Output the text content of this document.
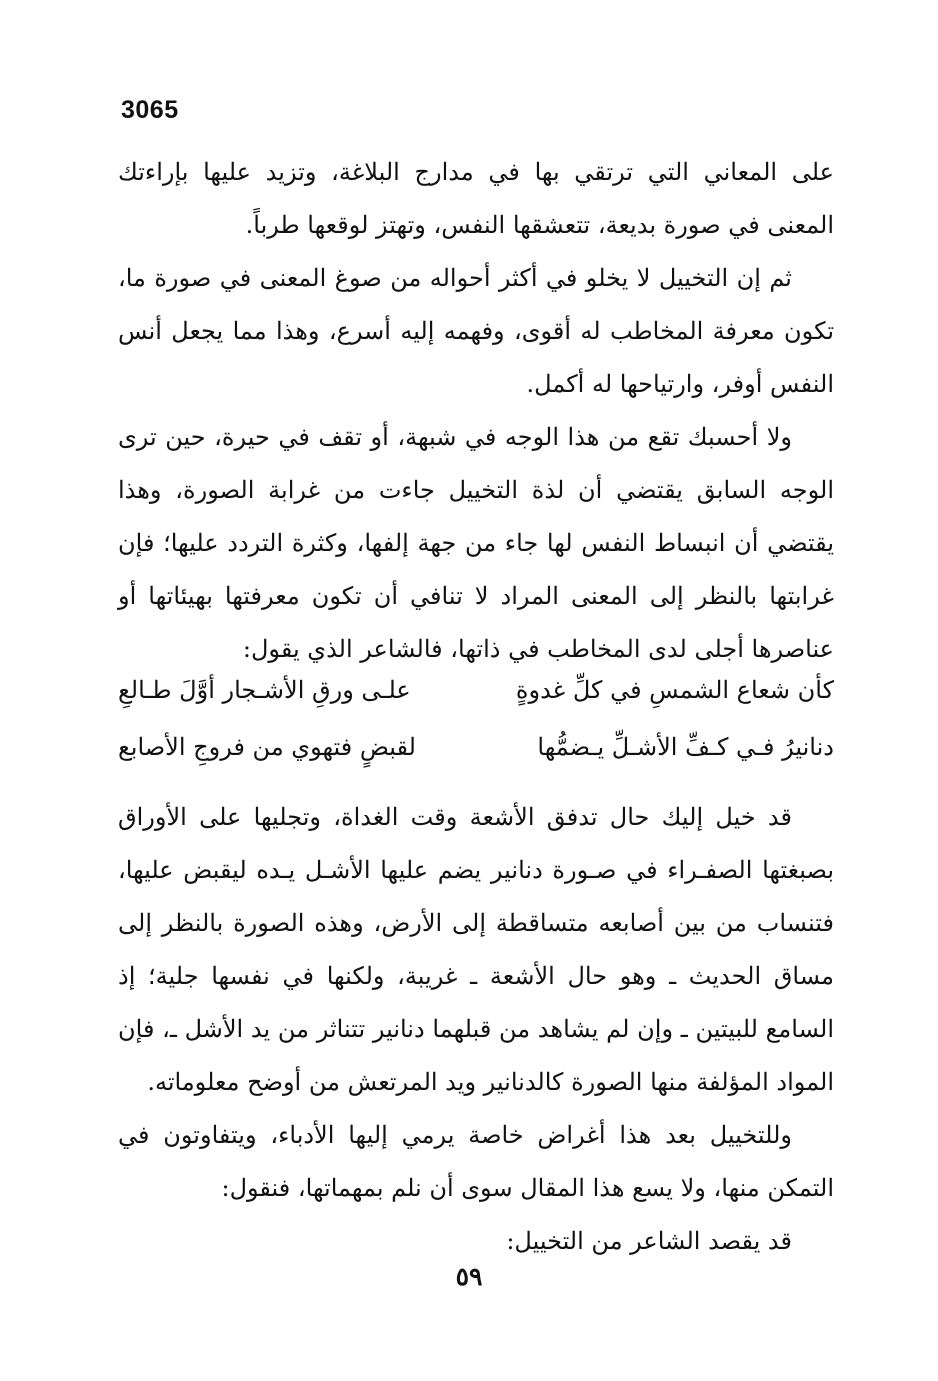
3065

على المعاني التي ترتقي بها في مدارج البلاغة، وتزيد عليها بإراءتك المعنى في صورة بديعة، تتعشقها النفس، وتهتز لوقعها طرباً.

ثم إن التخييل لا يخلو في أكثر أحواله من صوغ المعنى في صورة ما، تكون معرفة المخاطب له أقوى، وفهمه إليه أسرع، وهذا مما يجعل أنس النفس أوفر، وارتياحها له أكمل.

ولا أحسبك تقع من هذا الوجه في شبهة، أو تقف في حيرة، حين ترى الوجه السابق يقتضي أن لذة التخييل جاءت من غرابة الصورة، وهذا يقتضي أن انبساط النفس لها جاء من جهة إلفها، وكثرة التردد عليها؛ فإن غرابتها بالنظر إلى المعنى المراد لا تنافي أن تكون معرفتها بهيئاتها أو عناصرها أجلى لدى المخاطب في ذاتها، فالشاعر الذي يقول:

كأن شعاع الشمسِ في كلِّ غدوةٍ
علـى ورقِ الأشـجار أوَّلَ طـالعِ
دنانيرُ فـي كـفِّ الأشـلِّ يـضمُّها
لقبضٍ فتهوي من فروجِ الأصابع

قد خيل إليك حال تدفق الأشعة وقت الغداة، وتجليها على الأوراق بصبغتها الصفـراء في صـورة دنانير يضم عليها الأشـل يـده ليقبض عليها، فتنساب من بين أصابعه متساقطة إلى الأرض، وهذه الصورة بالنظر إلى مساق الحديث ـ وهو حال الأشعة ـ غريبة، ولكنها في نفسها جلية؛ إذ السامع للبيتين ـ وإن لم يشاهد من قبلهما دنانير تتناثر من يد الأشل ـ، فإن المواد المؤلفة منها الصورة كالدنانير ويد المرتعش من أوضح معلوماته.

وللتخييل بعد هذا أغراض خاصة يرمي إليها الأدباء، ويتفاوتون في التمكن منها، ولا يسع هذا المقال سوى أن نلم بمهماتها، فنقول:

قد يقصد الشاعر من التخييل:

٥٩
